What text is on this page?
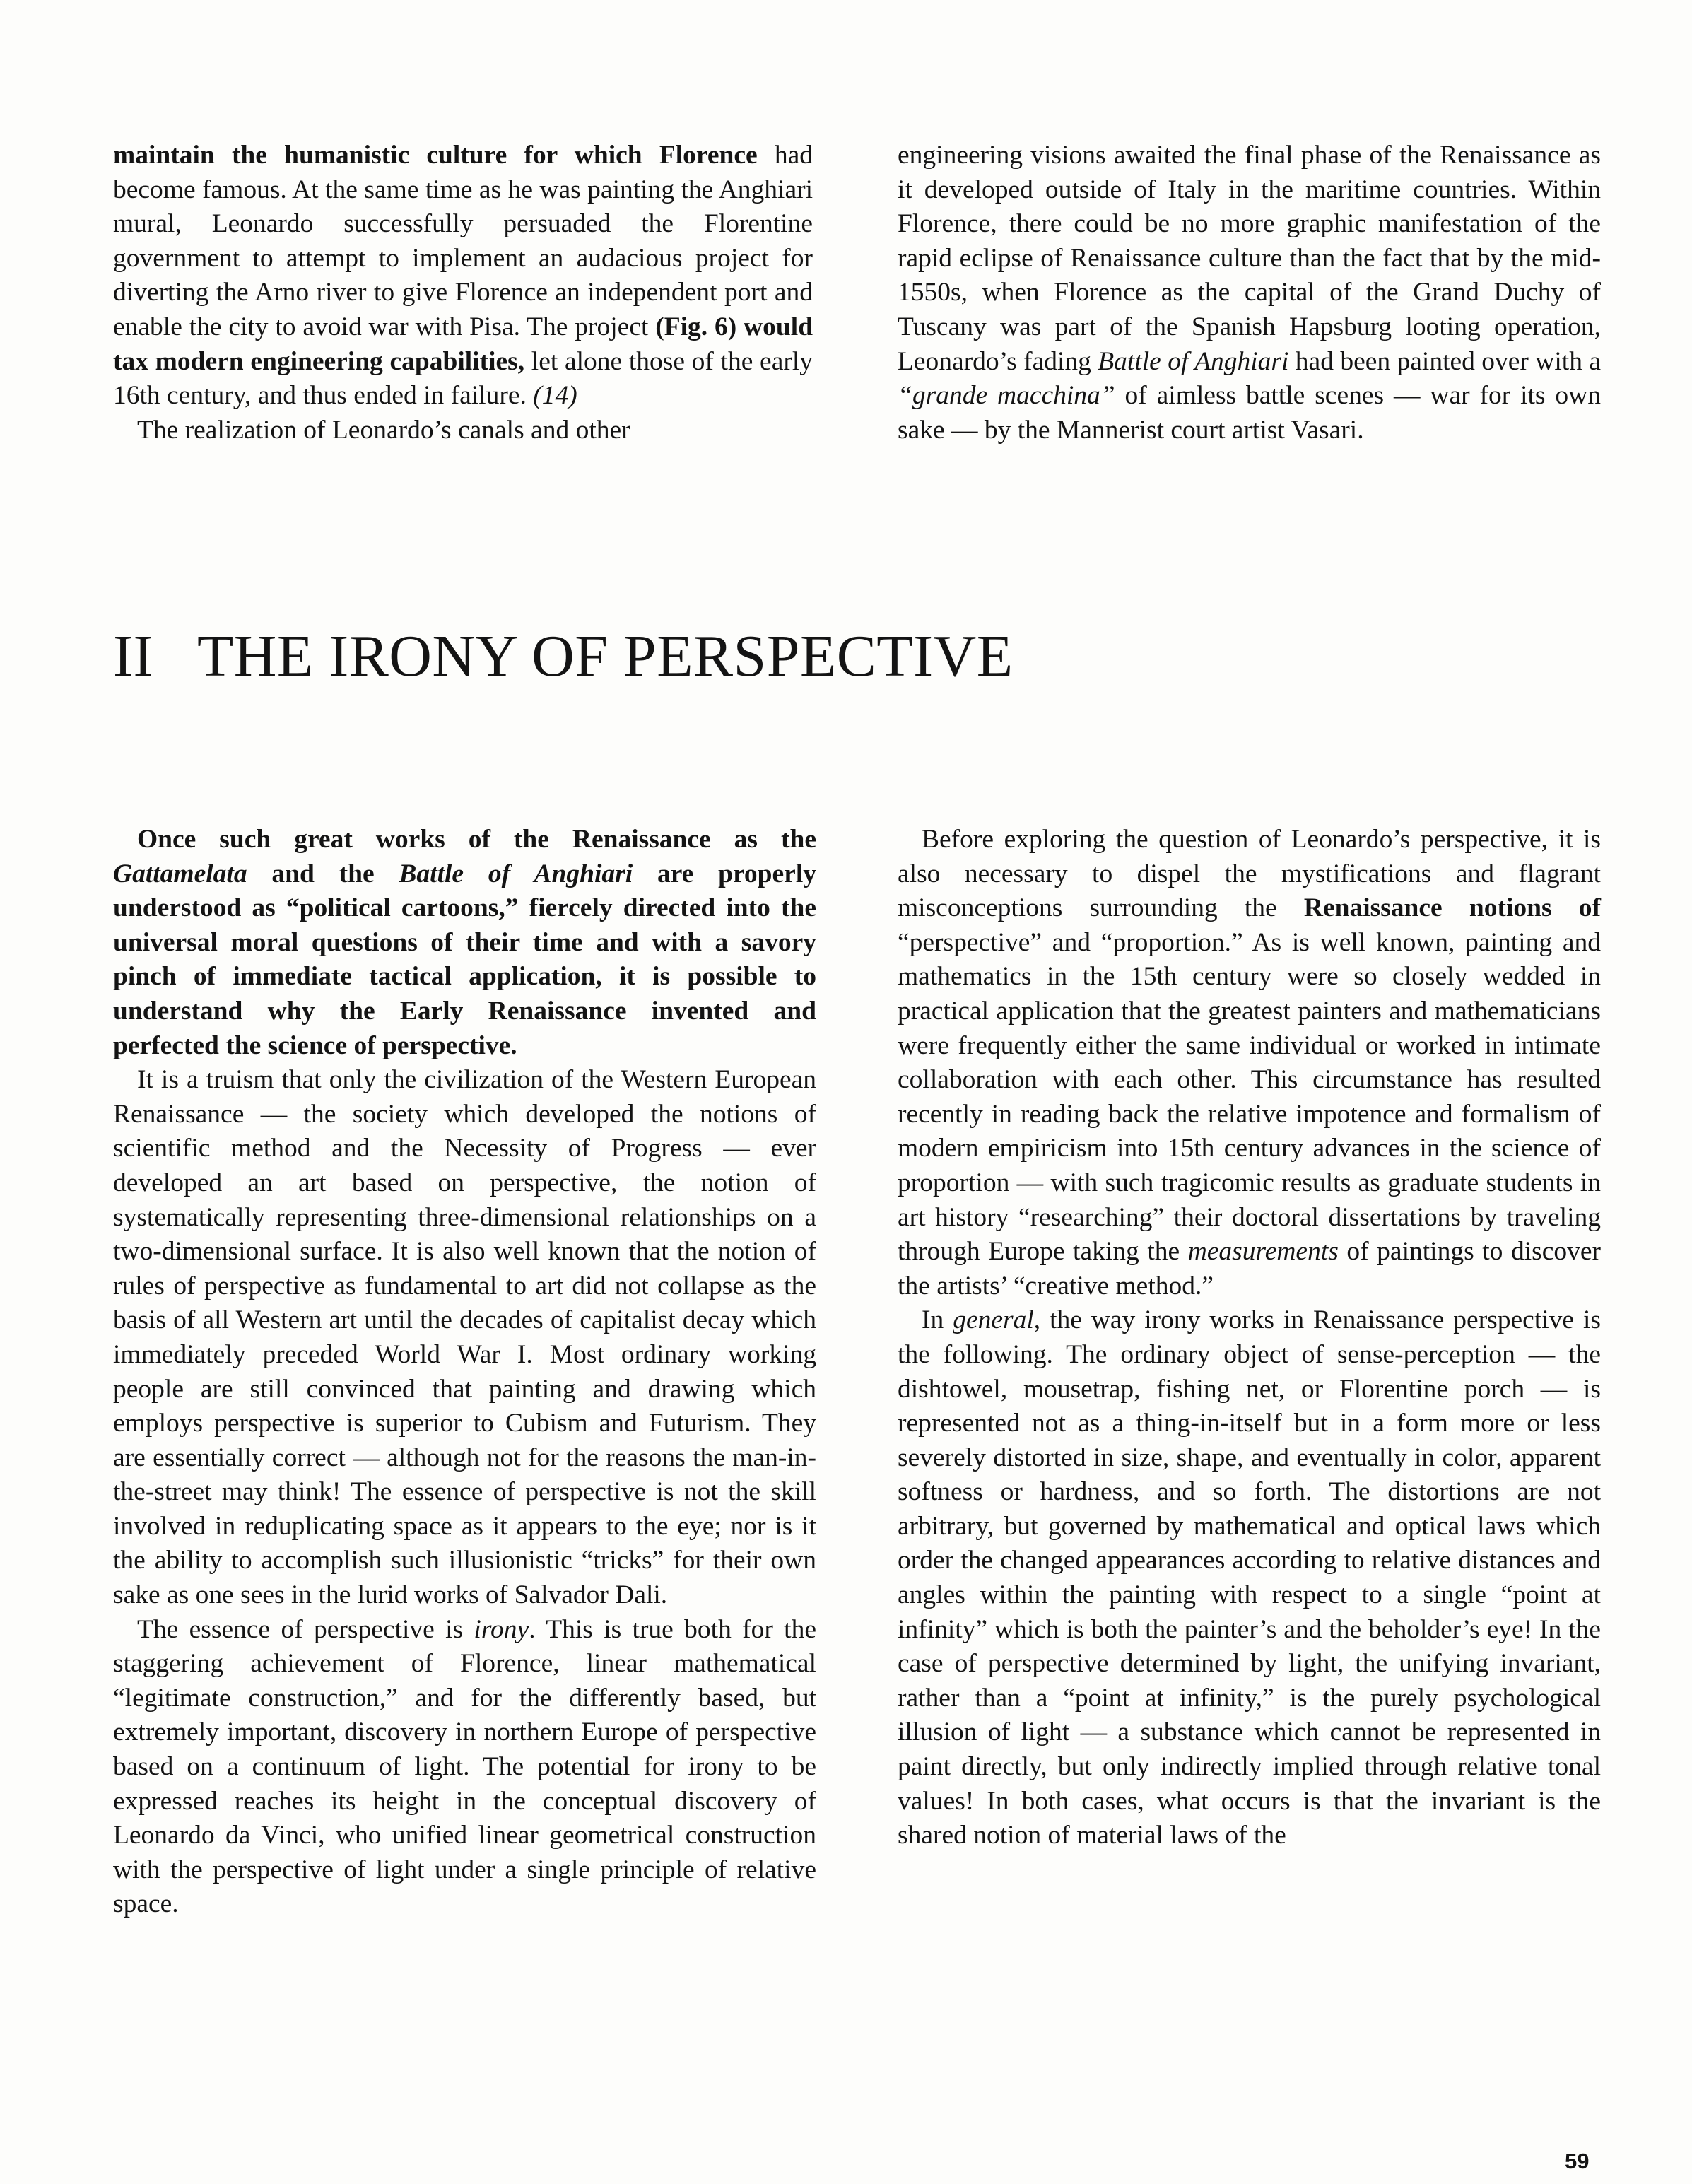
maintain the humanistic culture for which Florence had become famous. At the same time as he was painting the Anghiari mural, Leonardo successfully persuaded the Florentine government to attempt to implement an audacious project for diverting the Arno river to give Florence an independent port and enable the city to avoid war with Pisa. The project (Fig. 6) would tax modern engineering capabilities, let alone those of the early 16th century, and thus ended in failure. (14)

The realization of Leonardo’s canals and other

engineering visions awaited the final phase of the Renaissance as it developed outside of Italy in the maritime countries. Within Florence, there could be no more graphic manifestation of the rapid eclipse of Renaissance culture than the fact that by the mid-1550s, when Florence as the capital of the Grand Duchy of Tuscany was part of the Spanish Hapsburg looting operation, Leonardo’s fading Battle of Anghiari had been painted over with a “grande macchina” of aimless battle scenes — war for its own sake — by the Mannerist court artist Vasari.

II THE IRONY OF PERSPECTIVE

Once such great works of the Renaissance as the Gattamelata and the Battle of Anghiari are properly understood as “political cartoons,” fiercely directed into the universal moral questions of their time and with a savory pinch of immediate tactical application, it is possible to understand why the Early Renaissance invented and perfected the science of perspective.

It is a truism that only the civilization of the Western European Renaissance — the society which developed the notions of scientific method and the Necessity of Progress — ever developed an art based on perspective, the notion of systematically representing three-dimensional relationships on a two-dimensional surface. It is also well known that the notion of rules of perspective as fundamental to art did not collapse as the basis of all Western art until the decades of capitalist decay which immediately preceded World War I. Most ordinary working people are still convinced that painting and drawing which employs perspective is superior to Cubism and Futurism. They are essentially correct — although not for the reasons the man-in-the-street may think! The essence of perspective is not the skill involved in reduplicating space as it appears to the eye; nor is it the ability to accomplish such illusionistic “tricks” for their own sake as one sees in the lurid works of Salvador Dali.

The essence of perspective is irony. This is true both for the staggering achievement of Florence, linear mathematical “legitimate construction,” and for the differently based, but extremely important, discovery in northern Europe of perspective based on a continuum of light. The potential for irony to be expressed reaches its height in the conceptual discovery of Leonardo da Vinci, who unified linear geometrical construction with the perspective of light under a single principle of relative space.

Before exploring the question of Leonardo’s perspective, it is also necessary to dispel the mystifications and flagrant misconceptions surrounding the Renaissance notions of “perspective” and “proportion.” As is well known, painting and mathematics in the 15th century were so closely wedded in practical application that the greatest painters and mathematicians were frequently either the same individual or worked in intimate collaboration with each other. This circumstance has resulted recently in reading back the relative impotence and formalism of modern empiricism into 15th century advances in the science of proportion — with such tragicomic results as graduate students in art history “researching” their doctoral dissertations by traveling through Europe taking the measurements of paintings to discover the artists’ “creative method.”

In general, the way irony works in Renaissance perspective is the following. The ordinary object of sense-perception — the dishtowel, mousetrap, fishing net, or Florentine porch — is represented not as a thing-in-itself but in a form more or less severely distorted in size, shape, and eventually in color, apparent softness or hardness, and so forth. The distortions are not arbitrary, but governed by mathematical and optical laws which order the changed appearances according to relative distances and angles within the painting with respect to a single “point at infinity” which is both the painter’s and the beholder’s eye! In the case of perspective determined by light, the unifying invariant, rather than a “point at infinity,” is the purely psychological illusion of light — a substance which cannot be represented in paint directly, but only indirectly implied through relative tonal values! In both cases, what occurs is that the invariant is the shared notion of material laws of the

59
